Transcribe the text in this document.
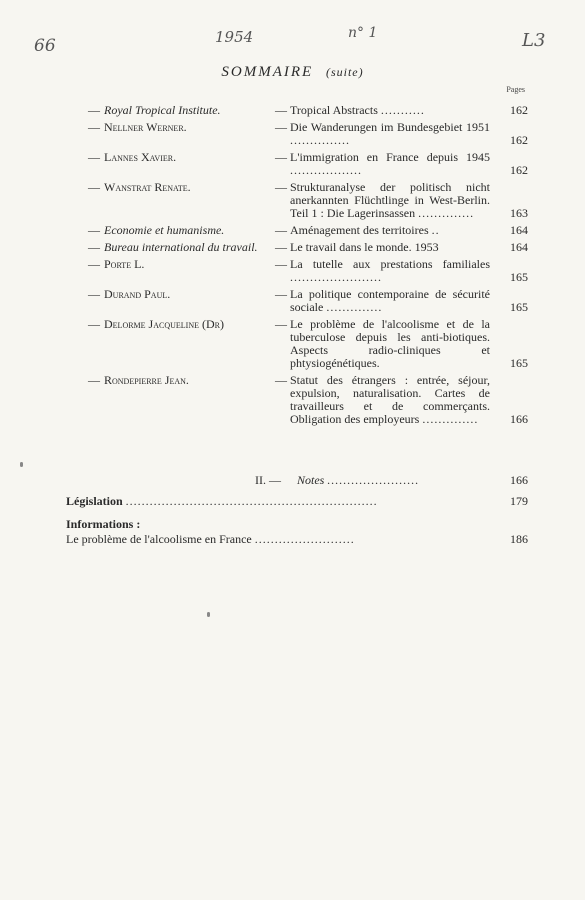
66	1954	n° 1	L3
SOMMAIRE (suite)
Pages
— Royal Tropical Institute.	— Tropical Abstracts ...........	162
— Nellner Werner.	— Die Wanderungen im Bundesgebiet 1951 ...............	162
— Lannes Xavier.	— L'immigration en France depuis 1945 ..................	162
— Wanstrat Renate.	— Strukturanalyse der politisch nicht anerkannten Flüchtlinge in West-Berlin. Teil 1 : Die Lagerinsassen ..............	163
— Economie et humanisme.	— Aménagement des territoires ..	164
— Bureau international du travail.	— Le travail dans le monde. 1953	164
— Porte L.	— La tutelle aux prestations familiales .......................	165
— Durand Paul.	— La politique contemporaine de sécurité sociale ..............	165
— Delorme Jacqueline (Dr)	— Le problème de l'alcoolisme et de la tuberculose depuis les anti-biotiques. Aspects radio-cliniques et phtysiogénétiques.	165
— Rondepierre Jean.	— Statut des étrangers : entrée, séjour, expulsion, naturalisation. Cartes de travailleurs et de commerçants. Obligation des employeurs ..............	166
II. —	Notes .......................	166
Législation ...............................................................	179
Informations :
Le problème de l'alcoolisme en France .........................	186
